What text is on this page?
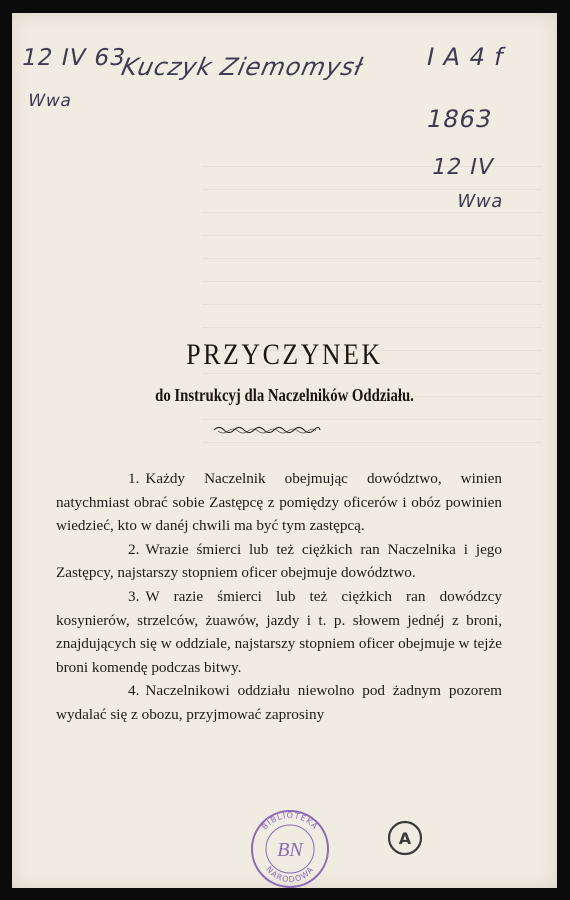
12 IV 63
Wwa
Kuczyk Ziemomysł I A 4 f
1863
12 IV
Wwa
PRZYCZYNEK
do Instrukcyj dla Naczelników Oddziału.

1. Każdy Naczelnik obejmując dowództwo, winien natychmiast obrać sobie Zastępcę z pomiędzy oficerów i obóz powinien wiedzieć, kto w danéj chwili ma być tym zastępcą.

2. Wrazie śmierci lub też ciężkich ran Naczelnika i jego Zastępcy, najstarszy stopniem oficer obejmuje dowództwo.

3. W razie śmierci lub też ciężkich ran dowódzcy kosynierów, strzelców, żuawów, jazdy i t. p. słowem jednéj z broni, znajdujących się w oddziale, najstarszy stopniem oficer obejmuje w tejże broni komendę podczas bitwy.

4. Naczelnikowi oddziału niewolno pod żadnym pozorem wydalać się z obozu, przyjmować zaprosiny

BN
BIBLIOTEKA
NARODOWA
A
